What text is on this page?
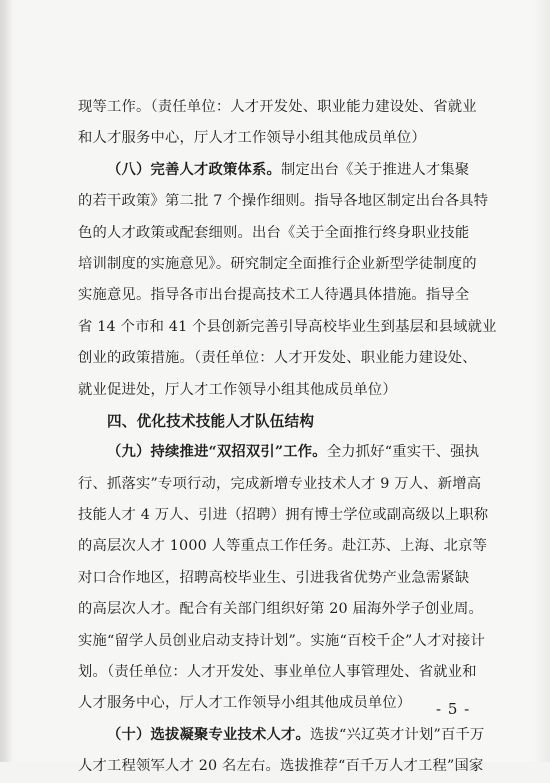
现等工作。（责任单位：人才开发处、职业能力建设处、省就业
和人才服务中心，厅人才工作领导小组其他成员单位）
（八）完善人才政策体系。制定出台《关于推进人才集聚
的若干政策》第二批 7 个操作细则。指导各地区制定出台各具特
色的人才政策或配套细则。出台《关于全面推行终身职业技能
培训制度的实施意见》。研究制定全面推行企业新型学徒制度的
实施意见。指导各市出台提高技术工人待遇具体措施。指导全
省 14 个市和 41 个县创新完善引导高校毕业生到基层和县域就业
创业的政策措施。（责任单位：人才开发处、职业能力建设处、
就业促进处，厅人才工作领导小组其他成员单位）
四、优化技术技能人才队伍结构
（九）持续推进“双招双引”工作。全力抓好“重实干、强执
行、抓落实”专项行动，完成新增专业技术人才 9 万人、新增高
技能人才 4 万人、引进（招聘）拥有博士学位或副高级以上职称
的高层次人才 1000 人等重点工作任务。赴江苏、上海、北京等
对口合作地区，招聘高校毕业生、引进我省优势产业急需紧缺
的高层次人才。配合有关部门组织好第 20 届海外学子创业周。
实施“留学人员创业启动支持计划”。实施“百校千企”人才对接计
划。（责任单位：人才开发处、事业单位人事管理处、省就业和
人才服务中心，厅人才工作领导小组其他成员单位）
（十）选拔凝聚专业技术人才。选拔“兴辽英才计划”百千万
人才工程领军人才 20 名左右。选拔推荐“百千万人才工程”国家
- 5 -
